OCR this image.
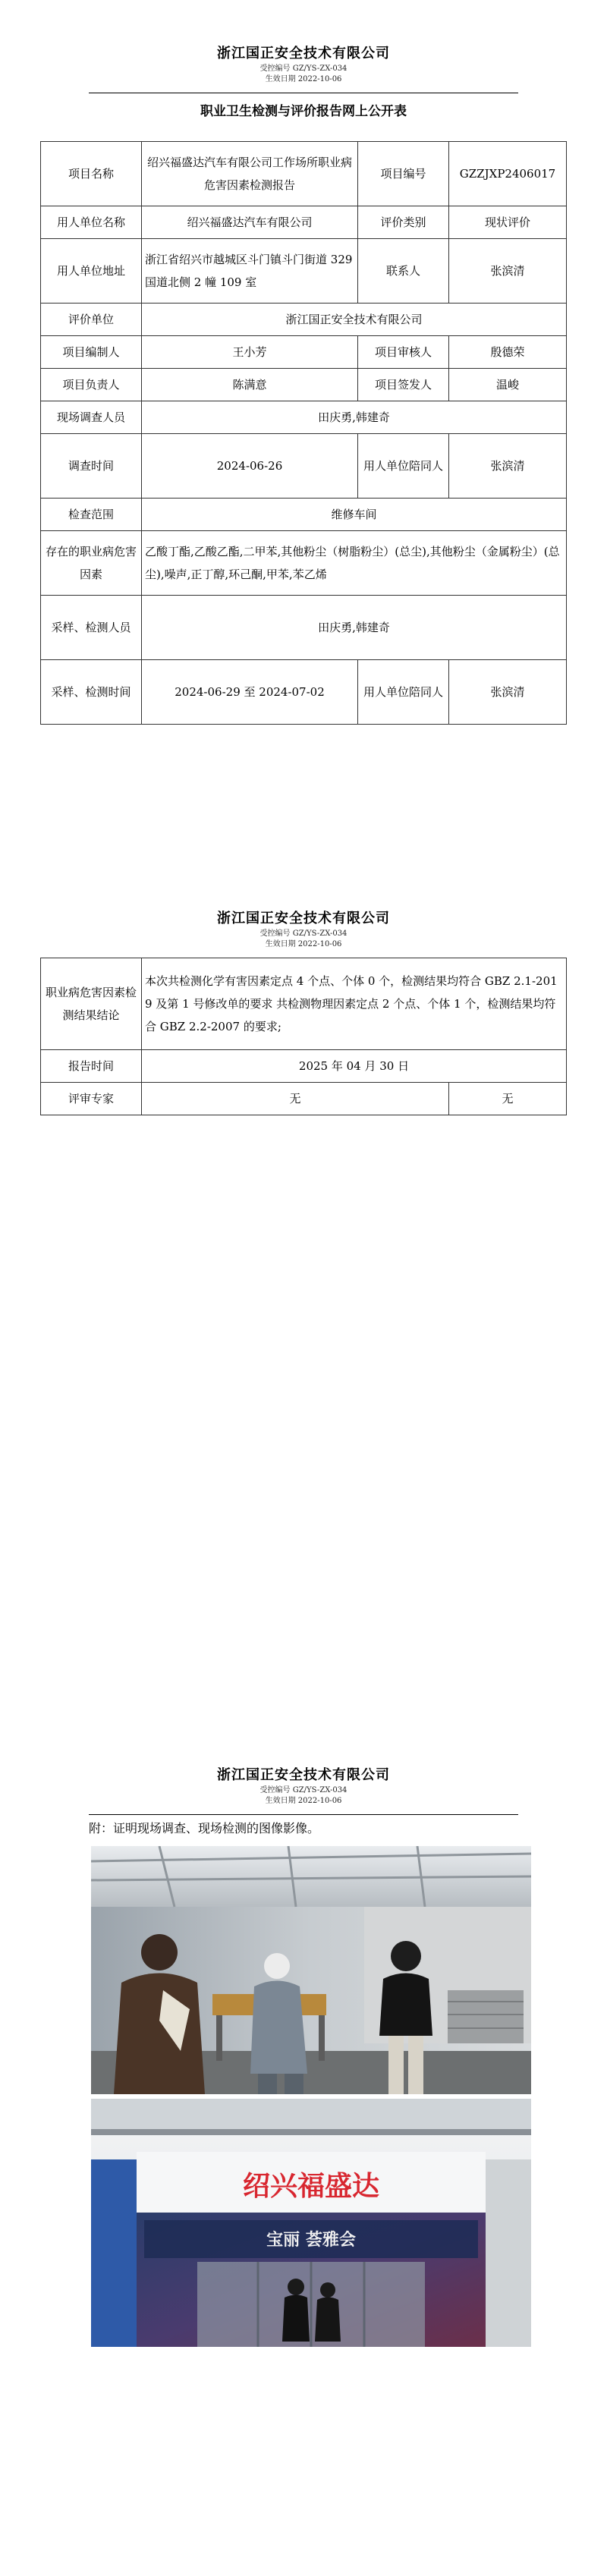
浙江国正安全技术有限公司
受控编号 GZ/YS-ZX-034
生效日期 2022-10-06
职业卫生检测与评价报告网上公开表
项目名称	绍兴福盛达汽车有限公司工作场所职业病危害因素检测报告	项目编号	GZZJXP2406017
用人单位名称	绍兴福盛达汽车有限公司	评价类别	现状评价
用人单位地址	浙江省绍兴市越城区斗门镇斗门街道 329 国道北侧 2 幢 109 室	联系人	张滨清
评价单位	浙江国正安全技术有限公司		
项目编制人	王小芳	项目审核人	殷德荣
项目负责人	陈满意	项目签发人	温峻
现场调查人员	田庆勇,韩建奇		
调查时间	2024-06-26	用人单位陪同人	张滨清
检查范围	维修车间		
存在的职业病危害因素	乙酸丁酯,乙酸乙酯,二甲苯,其他粉尘（树脂粉尘）(总尘),其他粉尘（金属粉尘）(总尘),噪声,正丁醇,环己酮,甲苯,苯乙烯		
采样、检测人员	田庆勇,韩建奇		
采样、检测时间	2024-06-29 至 2024-07-02	用人单位陪同人	张滨清
浙江国正安全技术有限公司
受控编号 GZ/YS-ZX-034
生效日期 2022-10-06
职业病危害因素检测结果结论	本次共检测化学有害因素定点 4 个点、个体 0 个，检测结果均符合 GBZ 2.1-2019 及第 1 号修改单的要求 共检测物理因素定点 2 个点、个体 1 个，检测结果均符合 GBZ 2.2-2007 的要求;	
报告时间	2025 年 04 月 30 日	
评审专家	无	无
浙江国正安全技术有限公司
受控编号 GZ/YS-ZX-034
生效日期 2022-10-06
附：证明现场调查、现场检测的图像影像。
绍兴福盛达
宝丽 荟雅会
